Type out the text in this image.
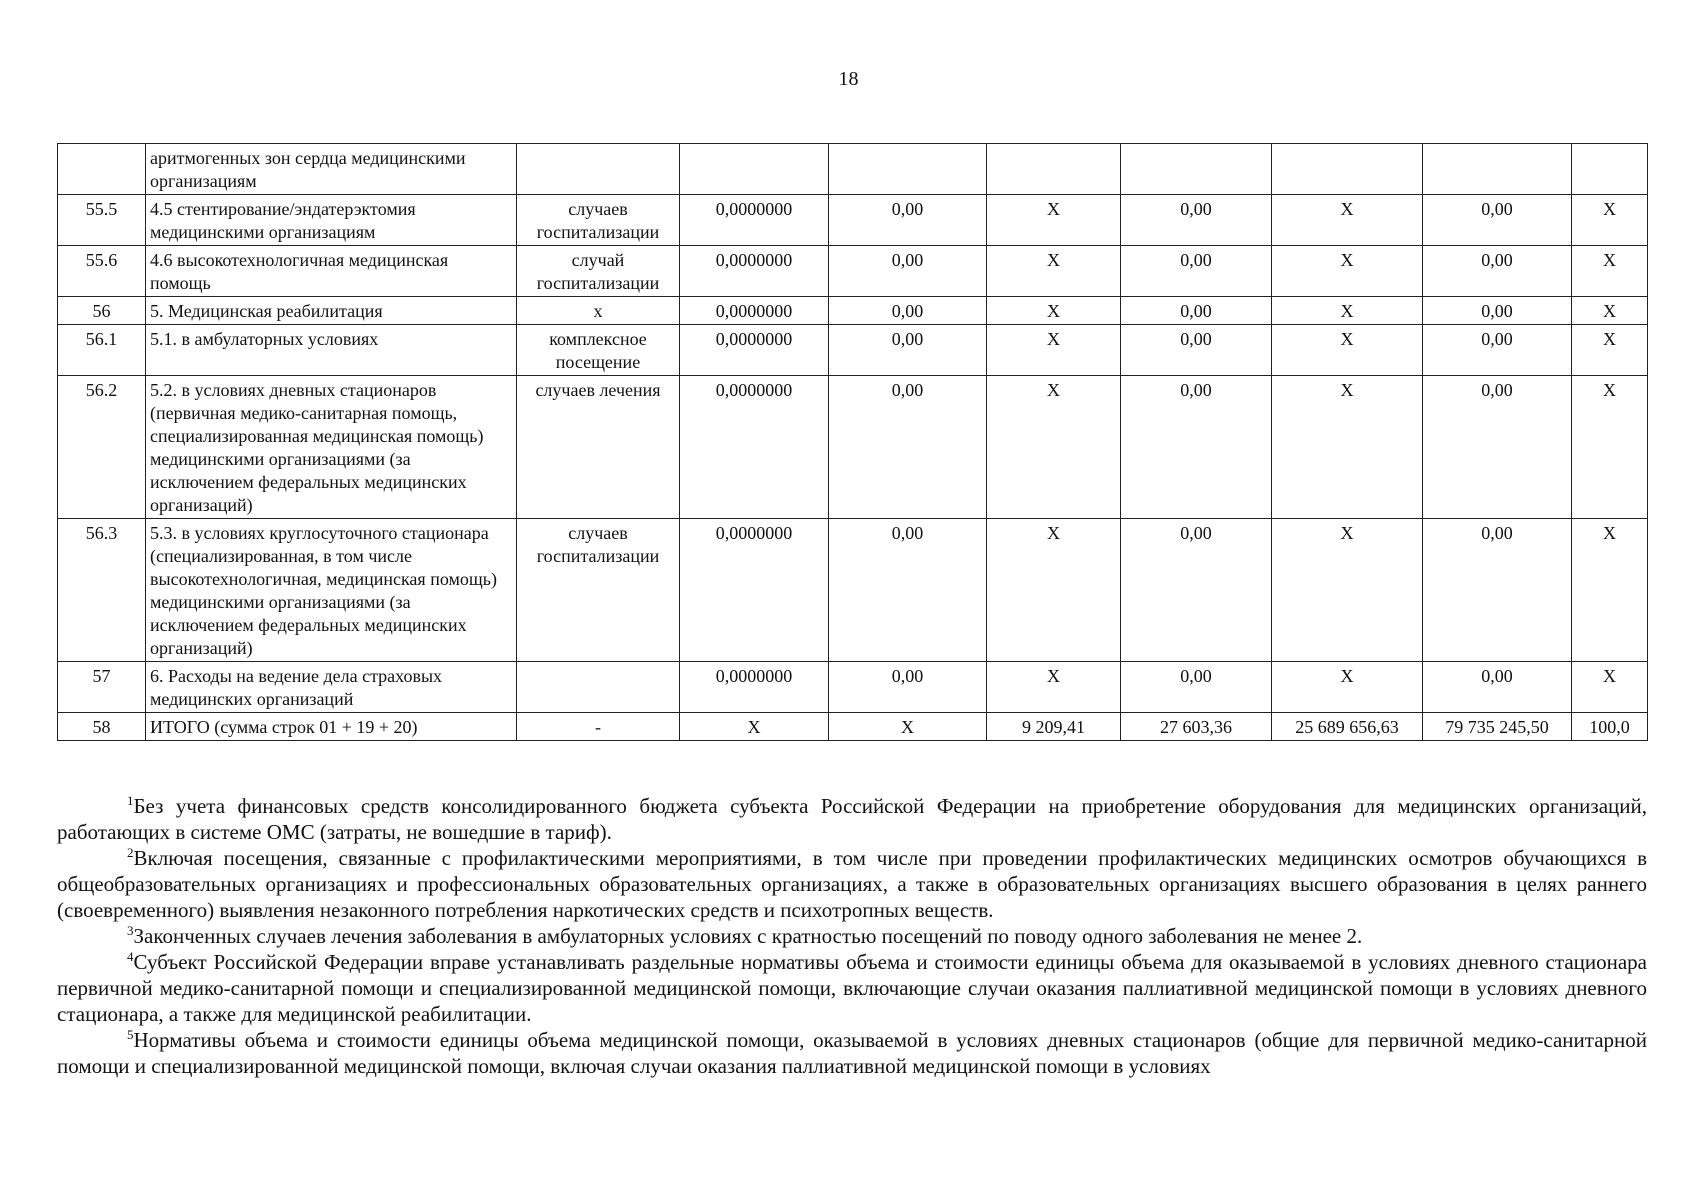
18
	аритмогенных зон сердца медицинскими организациям								
55.5	4.5 стентирование/эндатерэктомия медицинскими организациям	случаев госпитализации	0,0000000	0,00	X	0,00	X	0,00	X
55.6	4.6 высокотехнологичная медицинская помощь	случай госпитализации	0,0000000	0,00	X	0,00	X	0,00	X
56	5. Медицинская реабилитация	х	0,0000000	0,00	X	0,00	X	0,00	X
56.1	5.1. в амбулаторных условиях	комплексное посещение	0,0000000	0,00	X	0,00	X	0,00	X
56.2	5.2. в условиях дневных стационаров (первичная медико-санитарная помощь, специализированная медицинская помощь) медицинскими организациями (за исключением федеральных медицинских организаций)	случаев лечения	0,0000000	0,00	X	0,00	X	0,00	X
56.3	5.3. в условиях круглосуточного стационара (специализированная, в том числе высокотехнологичная, медицинская помощь) медицинскими организациями (за исключением федеральных медицинских организаций)	случаев госпитализации	0,0000000	0,00	X	0,00	X	0,00	X
57	6. Расходы на ведение дела страховых медицинских организаций		0,0000000	0,00	X	0,00	X	0,00	X
58	ИТОГО (сумма строк 01 + 19 + 20)	-	X	X	9 209,41	27 603,36	25 689 656,63	79 735 245,50	100,0

$^1$Без учета финансовых средств консолидированного бюджета субъекта Российской Федерации на приобретение оборудования для медицинских организаций, работающих в системе ОМС (затраты, не вошедшие в тариф).

$^2$Включая посещения, связанные с профилактическими мероприятиями, в том числе при проведении профилактических медицинских осмотров обучающихся в общеобразовательных организациях и профессиональных образовательных организациях, а также в образовательных организациях высшего образования в целях раннего (своевременного) выявления незаконного потребления наркотических средств и психотропных веществ.

$^3$Законченных случаев лечения заболевания в амбулаторных условиях с кратностью посещений по поводу одного заболевания не менее 2.

$^4$Субъект Российской Федерации вправе устанавливать раздельные нормативы объема и стоимости единицы объема для оказываемой в условиях дневного стационара первичной медико-санитарной помощи и специализированной медицинской помощи, включающие случаи оказания паллиативной медицинской помощи в условиях дневного стационара, а также для медицинской реабилитации.

$^5$Нормативы объема и стоимости единицы объема медицинской помощи, оказываемой в условиях дневных стационаров (общие для первичной медико-санитарной помощи и специализированной медицинской помощи, включая случаи оказания паллиативной медицинской помощи в условиях
